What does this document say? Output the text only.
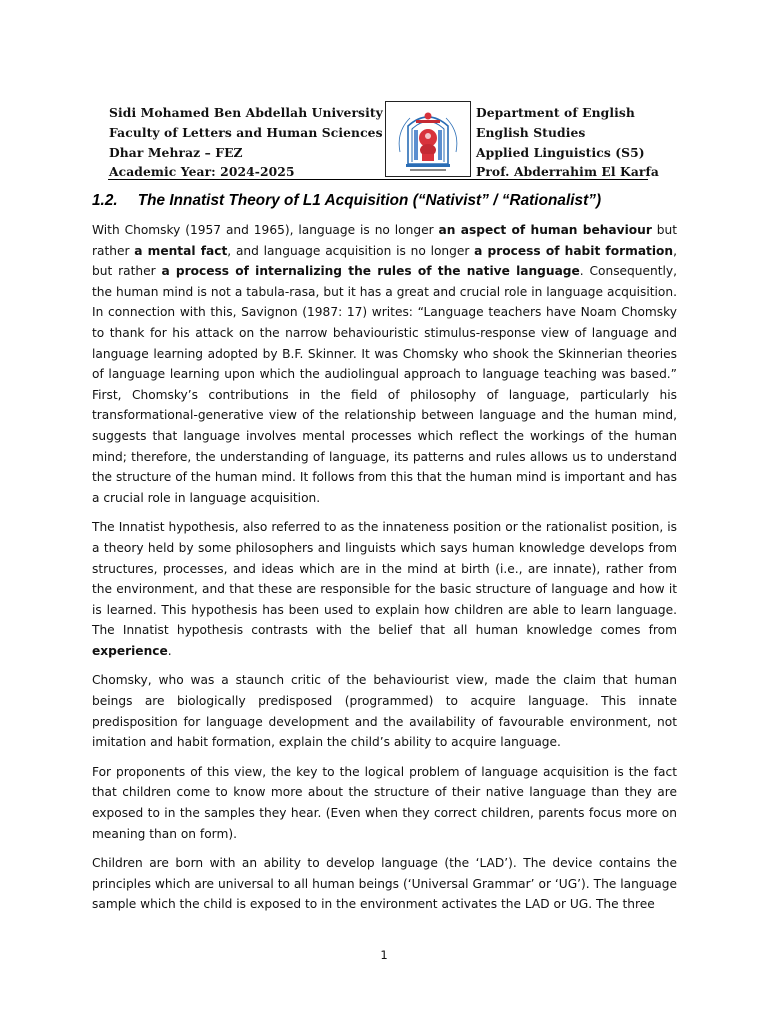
Sidi Mohamed Ben Abdellah University
Faculty of Letters and Human Sciences
Dhar Mehraz – FEZ
Academic Year: 2024-2025
Department of English
English Studies
Applied Linguistics (S5)
Prof. Abderrahim El Karfa
1.2. The Innatist Theory of L1 Acquisition (“Nativist” / “Rationalist”)

With Chomsky (1957 and 1965), language is no longer an aspect of human behaviour but rather a mental fact, and language acquisition is no longer a process of habit formation, but rather a process of internalizing the rules of the native language. Consequently, the human mind is not a tabula-rasa, but it has a great and crucial role in language acquisition. In connection with this, Savignon (1987: 17) writes: “Language teachers have Noam Chomsky to thank for his attack on the narrow behaviouristic stimulus-response view of language and language learning adopted by B.F. Skinner. It was Chomsky who shook the Skinnerian theories of language learning upon which the audiolingual approach to language teaching was based.” First, Chomsky’s contributions in the field of philosophy of language, particularly his transformational-generative view of the relationship between language and the human mind, suggests that language involves mental processes which reflect the workings of the human mind; therefore, the understanding of language, its patterns and rules allows us to understand the structure of the human mind. It follows from this that the human mind is important and has a crucial role in language acquisition.

The Innatist hypothesis, also referred to as the innateness position or the rationalist position, is a theory held by some philosophers and linguists which says human knowledge develops from structures, processes, and ideas which are in the mind at birth (i.e., are innate), rather from the environment, and that these are responsible for the basic structure of language and how it is learned. This hypothesis has been used to explain how children are able to learn language. The Innatist hypothesis contrasts with the belief that all human knowledge comes from experience.

Chomsky, who was a staunch critic of the behaviourist view, made the claim that human beings are biologically predisposed (programmed) to acquire language. This innate predisposition for language development and the availability of favourable environment, not imitation and habit formation, explain the child’s ability to acquire language.

For proponents of this view, the key to the logical problem of language acquisition is the fact that children come to know more about the structure of their native language than they are exposed to in the samples they hear. (Even when they correct children, parents focus more on meaning than on form).

Children are born with an ability to develop language (the ‘LAD’). The device contains the principles which are universal to all human beings (‘Universal Grammar’ or ‘UG’). The language sample which the child is exposed to in the environment activates the LAD or UG. The three

1
